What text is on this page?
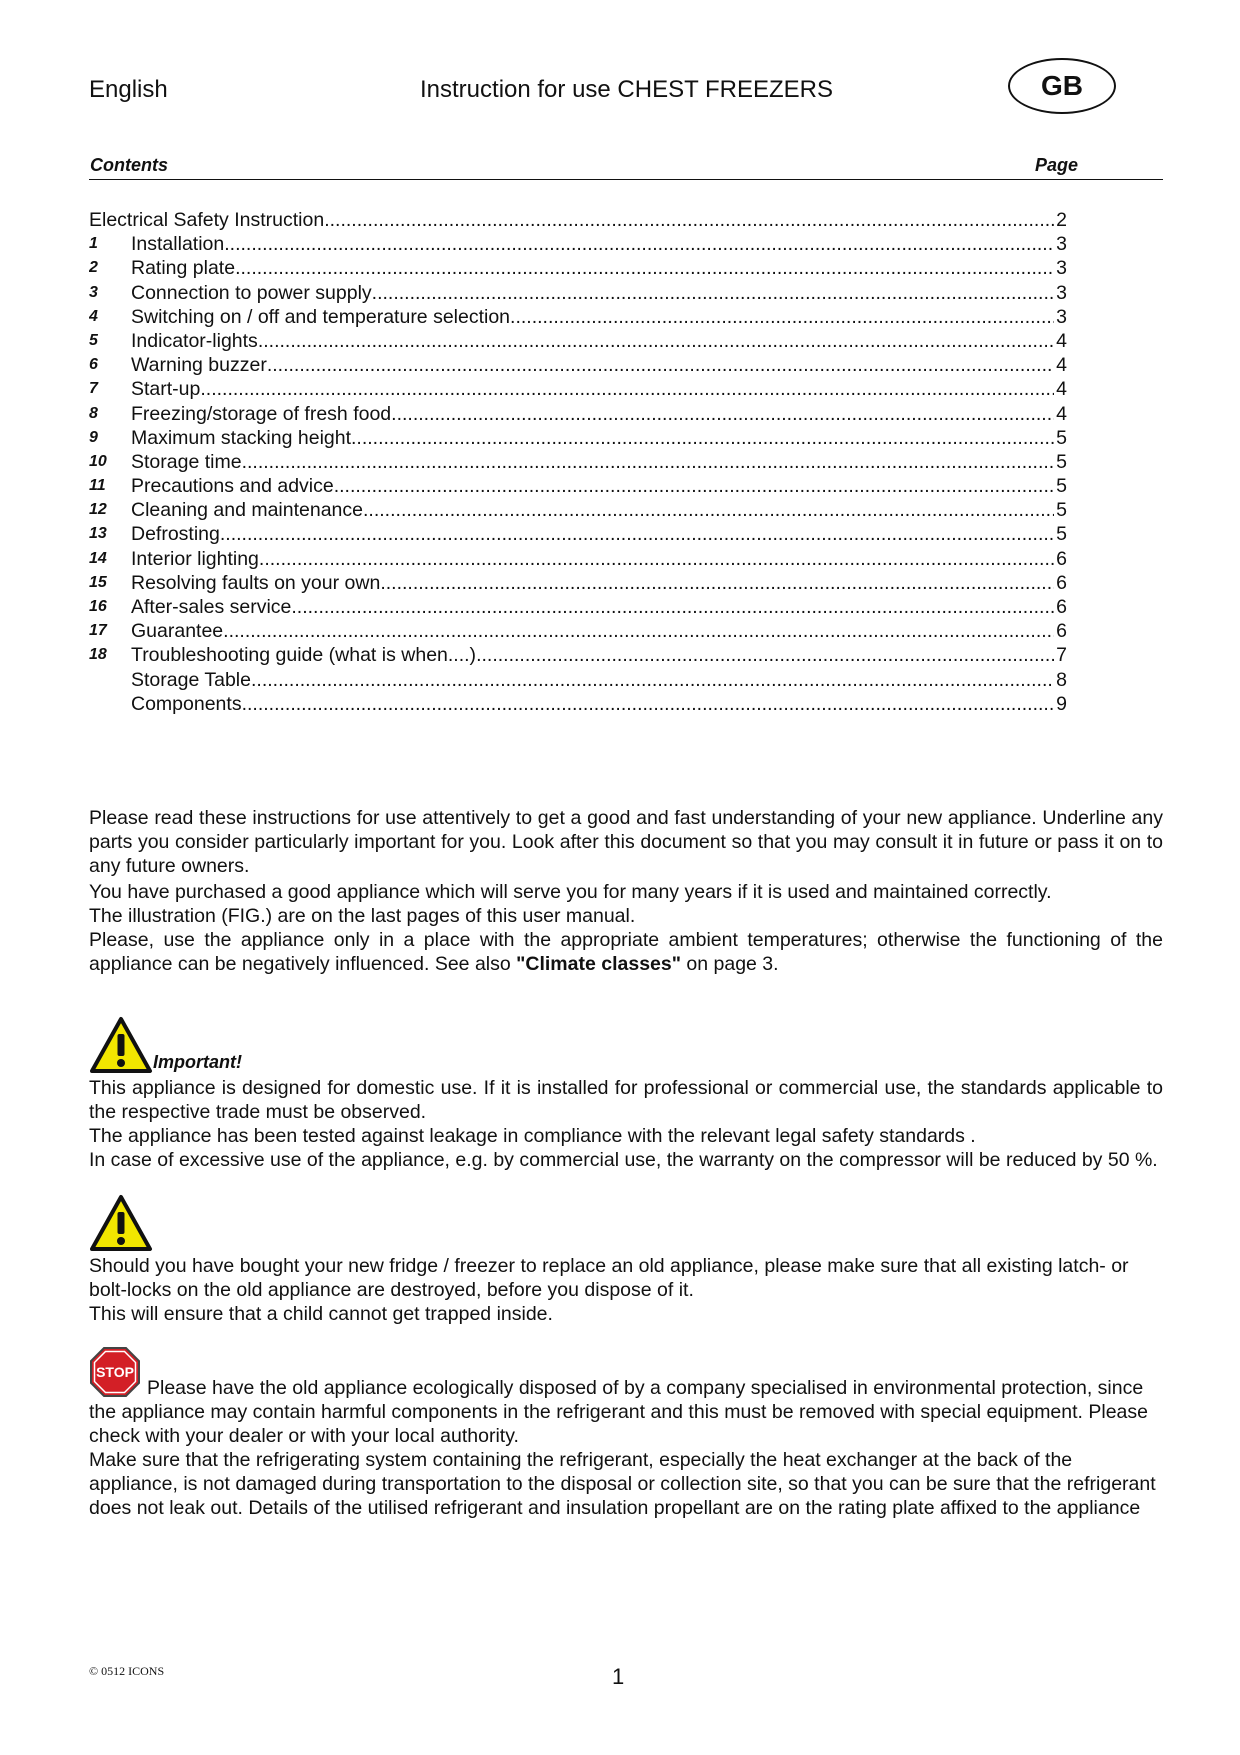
English	Instruction for use CHEST FREEZERS	GB
Contents	Page
Electrical Safety Instruction .....	2
1	Installation .....	3
2	Rating plate .....	3
3	Connection to power supply .....	3
4	Switching on / off and temperature selection .....	3
5	Indicator-lights .....	4
6	Warning buzzer .....	4
7	Start-up .....	4
8	Freezing/storage of fresh food .....	4
9	Maximum stacking height .....	5
10	Storage time .....	5
11	Precautions and advice .....	5
12	Cleaning and maintenance .....	5
13	Defrosting .....	5
14	Interior lighting .....	6
15	Resolving faults on your own .....	6
16	After-sales service .....	6
17	Guarantee .....	6
18	Troubleshooting guide (what is when....) .....	7
Storage Table .....	8
Components .....	9

Please read these instructions for use attentively to get a good and fast understanding of your new appliance. Underline any parts you consider particularly important for you. Look after this document so that you may consult it in future or pass it on to any future owners.

You have purchased a good appliance which will serve you for many years if it is used and maintained correctly.
The illustration (FIG.) are on the last pages of this user manual.

Please, use the appliance only in a place with the appropriate ambient temperatures; otherwise the functioning of the appliance can be negatively influenced. See also "Climate classes" on page 3.

Important!

This appliance is designed for domestic use. If it is installed for professional or commercial use, the standards applicable to the respective trade must be observed.

The appliance has been tested against leakage in compliance with the relevant legal safety standards .

In case of excessive use of the appliance, e.g. by commercial use, the warranty on the compressor will be reduced by 50 %.

Should you have bought your new fridge / freezer to replace an old appliance, please make sure that all existing latch- or bolt-locks on the old appliance are destroyed, before you dispose of it.

This will ensure that a child cannot get trapped inside.

STOP

Please have the old appliance ecologically disposed of by a company specialised in environmental protection, since the appliance may contain harmful components in the refrigerant and this must be removed with special equipment. Please check with your dealer or with your local authority.

Make sure that the refrigerating system containing the refrigerant, especially the heat exchanger at the back of the appliance, is not damaged during transportation to the disposal or collection site, so that you can be sure that the refrigerant does not leak out. Details of the utilised refrigerant and insulation propellant are on the rating plate affixed to the appliance

© 0512 ICONS	1
